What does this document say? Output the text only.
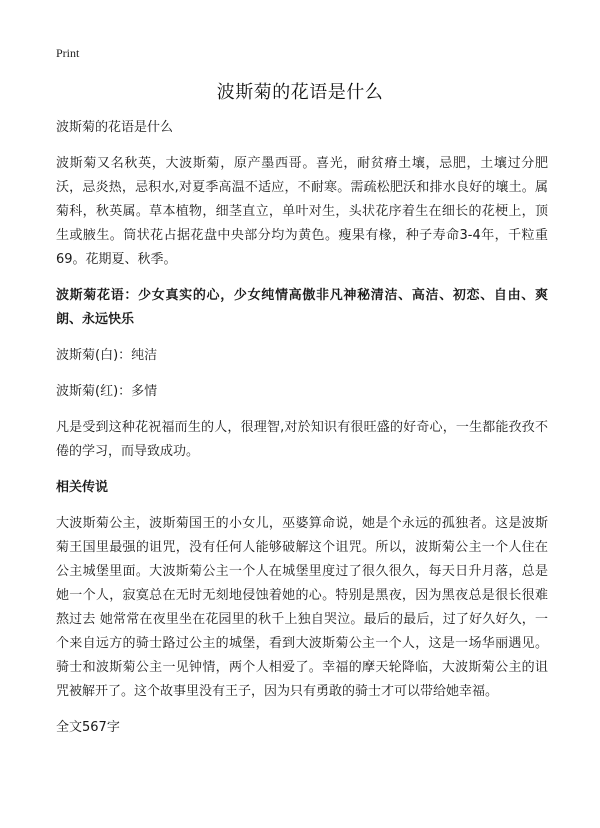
Print
波斯菊的花语是什么

波斯菊的花语是什么

波斯菊又名秋英，大波斯菊，原产墨西哥。喜光，耐贫瘠土壤，忌肥，土壤过分肥沃，忌炎热，忌积水,对夏季高温不适应，不耐寒。需疏松肥沃和排水良好的壤土。属菊科，秋英属。草本植物，细茎直立，单叶对生，头状花序着生在细长的花梗上，顶生或腋生。筒状花占据花盘中央部分均为黄色。瘦果有椽，种子寿命3-4年，千粒重69。花期夏、秋季。

波斯菊花语：少女真实的心，少女纯情高傲非凡神秘清洁、高洁、初恋、自由、爽朗、永远快乐

波斯菊(白)：纯洁

波斯菊(红)：多情

凡是受到这种花祝福而生的人，很理智,对於知识有很旺盛的好奇心，一生都能孜孜不倦的学习，而导致成功。

相关传说

大波斯菊公主，波斯菊国王的小女儿，巫婆算命说，她是个永远的孤独者。这是波斯菊王国里最强的诅咒，没有任何人能够破解这个诅咒。所以，波斯菊公主一个人住在公主城堡里面。大波斯菊公主一个人在城堡里度过了很久很久，每天日升月落，总是她一个人，寂寞总在无时无刻地侵蚀着她的心。特别是黑夜，因为黑夜总是很长很难熬过去 她常常在夜里坐在花园里的秋千上独自哭泣。最后的最后，过了好久好久，一个来自远方的骑士路过公主的城堡，看到大波斯菊公主一个人，这是一场华丽遇见。骑士和波斯菊公主一见钟情，两个人相爱了。幸福的摩天轮降临，大波斯菊公主的诅咒被解开了。这个故事里没有王子，因为只有勇敢的骑士才可以带给她幸福。

全文567字
